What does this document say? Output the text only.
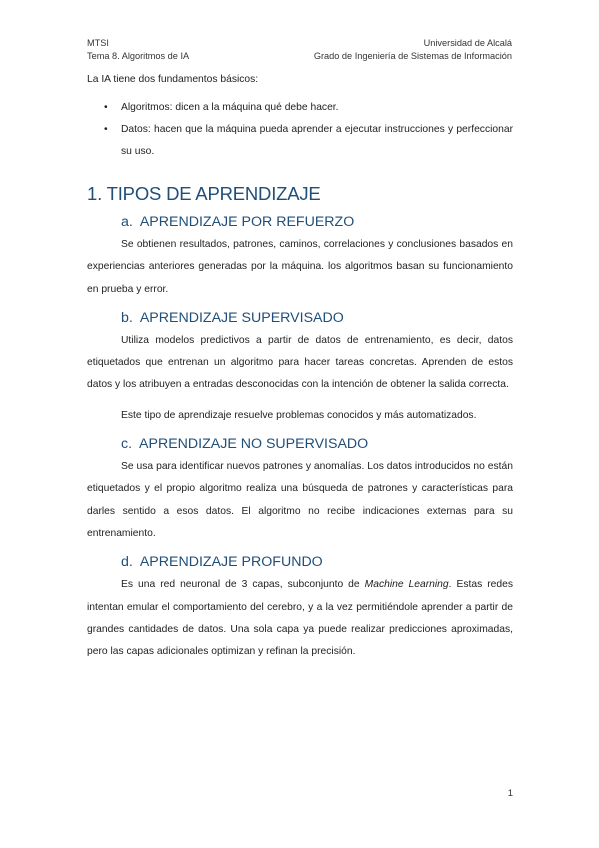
MTSI
Tema 8. Algoritmos de IA
Universidad de Alcalá
Grado de Ingeniería de Sistemas de Información

La IA tiene dos fundamentos básicos:

• Algoritmos: dicen a la máquina qué debe hacer.
• Datos: hacen que la máquina pueda aprender a ejecutar instrucciones y perfeccionar su uso.
1. TIPOS DE APRENDIZAJE
a. APRENDIZAJE POR REFUERZO

Se obtienen resultados, patrones, caminos, correlaciones y conclusiones basados en experiencias anteriores generadas por la máquina. los algoritmos basan su funcionamiento en prueba y error.

b. APRENDIZAJE SUPERVISADO

Utiliza modelos predictivos a partir de datos de entrenamiento, es decir, datos etiquetados que entrenan un algoritmo para hacer tareas concretas. Aprenden de estos datos y los atribuyen a entradas desconocidas con la intención de obtener la salida correcta.

Este tipo de aprendizaje resuelve problemas conocidos y más automatizados.

c. APRENDIZAJE NO SUPERVISADO

Se usa para identificar nuevos patrones y anomalías. Los datos introducidos no están etiquetados y el propio algoritmo realiza una búsqueda de patrones y características para darles sentido a esos datos. El algoritmo no recibe indicaciones externas para su entrenamiento.

d. APRENDIZAJE PROFUNDO

Es una red neuronal de 3 capas, subconjunto de Machine Learning. Estas redes intentan emular el comportamiento del cerebro, y a la vez permitiéndole aprender a partir de grandes cantidades de datos. Una sola capa ya puede realizar predicciones aproximadas, pero las capas adicionales optimizan y refinan la precisión.

1
